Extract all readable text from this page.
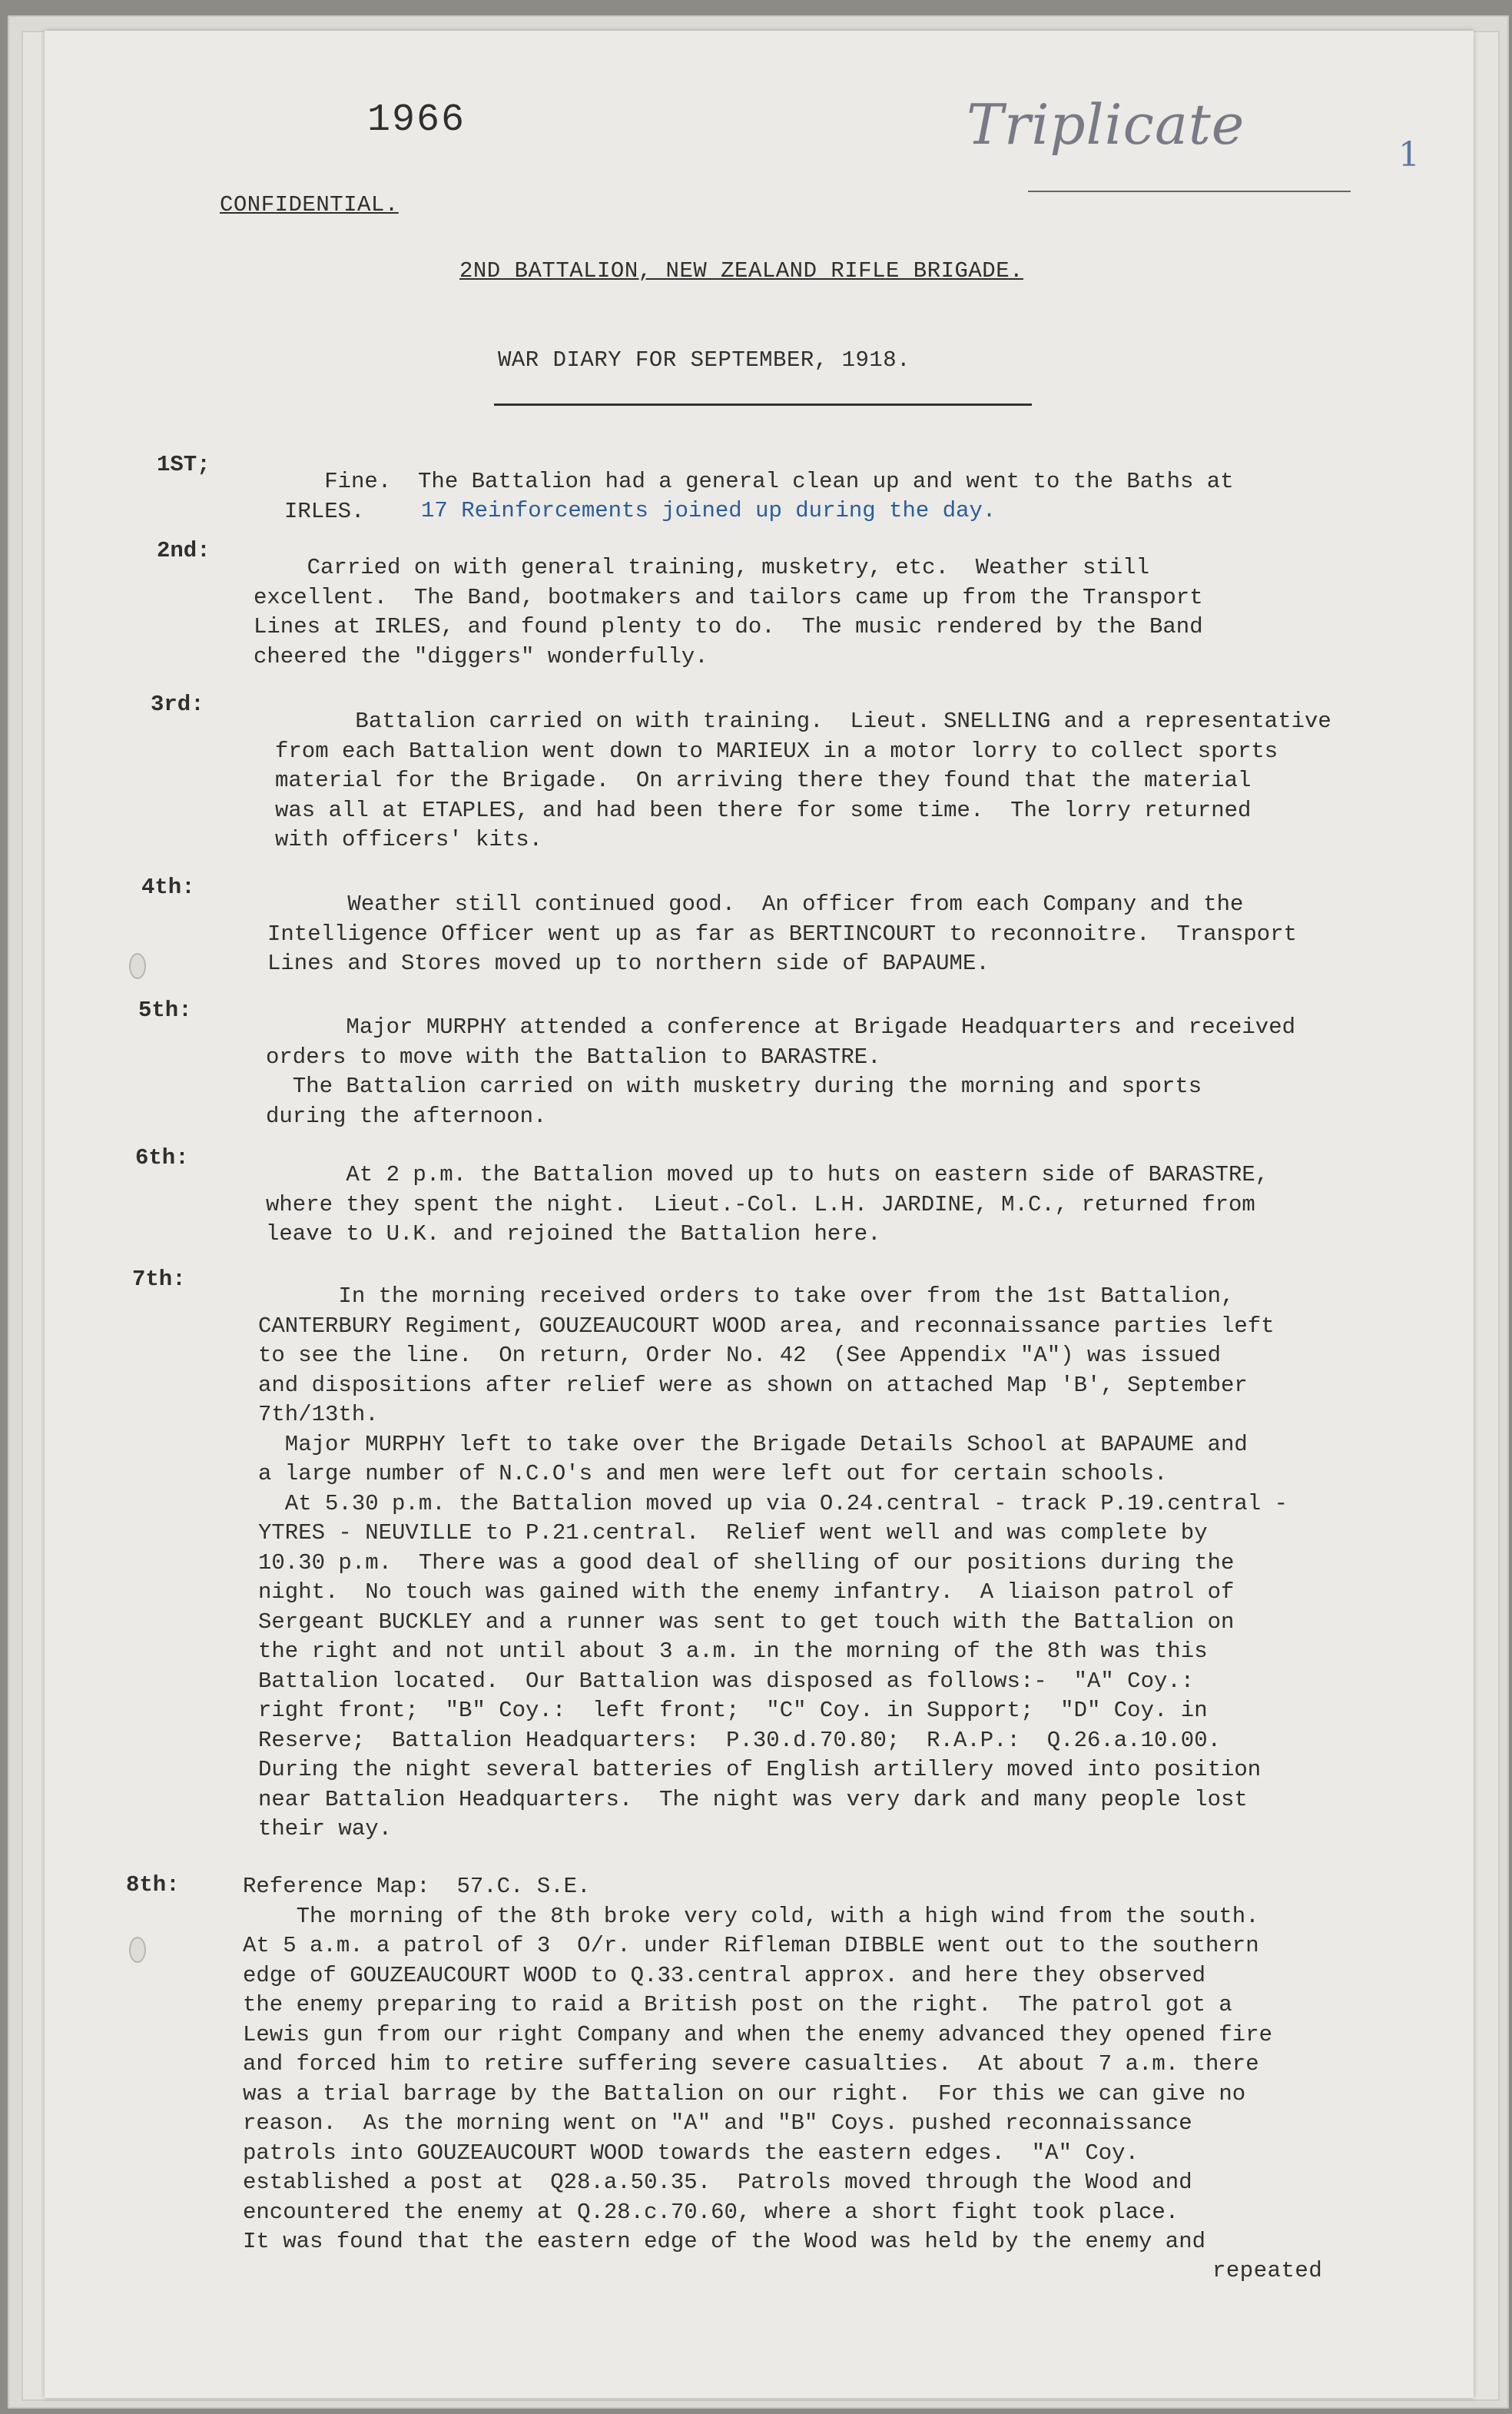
1966	Triplicate	1
CONFIDENTIAL.
2ND BATTALION, NEW ZEALAND RIFLE BRIGADE.
WAR DIARY FOR SEPTEMBER, 1918.
1ST;
Fine.  The Battalion had a general clean up and went to the Baths at
IRLES.	17 Reinforcements joined up during the day.
2nd:
Carried on with general training, musketry, etc.  Weather still
excellent.  The Band, bootmakers and tailors came up from the Transport
Lines at IRLES, and found plenty to do.  The music rendered by the Band
cheered the "diggers" wonderfully.
3rd:
Battalion carried on with training.  Lieut. SNELLING and a representative
from each Battalion went down to MARIEUX in a motor lorry to collect sports
material for the Brigade.  On arriving there they found that the material
was all at ETAPLES, and had been there for some time.  The lorry returned
with officers' kits.
4th:
Weather still continued good.  An officer from each Company and the
Intelligence Officer went up as far as BERTINCOURT to reconnoitre.  Transport
Lines and Stores moved up to northern side of BAPAUME.
5th:
Major MURPHY attended a conference at Brigade Headquarters and received
orders to move with the Battalion to BARASTRE.
The Battalion carried on with musketry during the morning and sports
during the afternoon.
6th:
At 2 p.m. the Battalion moved up to huts on eastern side of BARASTRE,
where they spent the night.  Lieut.-Col. L.H. JARDINE, M.C., returned from
leave to U.K. and rejoined the Battalion here.
7th:
In the morning received orders to take over from the 1st Battalion,
CANTERBURY Regiment, GOUZEAUCOURT WOOD area, and reconnaissance parties left
to see the line.  On return, Order No. 42  (See Appendix "A") was issued
and dispositions after relief were as shown on attached Map 'B', September
7th/13th.
Major MURPHY left to take over the Brigade Details School at BAPAUME and
a large number of N.C.O's and men were left out for certain schools.
At 5.30 p.m. the Battalion moved up via O.24.central - track P.19.central -
YTRES - NEUVILLE to P.21.central.  Relief went well and was complete by
10.30 p.m.  There was a good deal of shelling of our positions during the
night.  No touch was gained with the enemy infantry.  A liaison patrol of
Sergeant BUCKLEY and a runner was sent to get touch with the Battalion on
the right and not until about 3 a.m. in the morning of the 8th was this
Battalion located.  Our Battalion was disposed as follows:-  "A" Coy.:
right front;  "B" Coy.:  left front;  "C" Coy. in Support;  "D" Coy. in
Reserve;  Battalion Headquarters:  P.30.d.70.80;  R.A.P.:  Q.26.a.10.00.
During the night several batteries of English artillery moved into position
near Battalion Headquarters.  The night was very dark and many people lost
their way.
8th:	Reference Map:  57.C. S.E.
The morning of the 8th broke very cold, with a high wind from the south.
At 5 a.m. a patrol of 3  O/r. under Rifleman DIBBLE went out to the southern
edge of GOUZEAUCOURT WOOD to Q.33.central approx. and here they observed
the enemy preparing to raid a British post on the right.  The patrol got a
Lewis gun from our right Company and when the enemy advanced they opened fire
and forced him to retire suffering severe casualties.  At about 7 a.m. there
was a trial barrage by the Battalion on our right.  For this we can give no
reason.  As the morning went on "A" and "B" Coys. pushed reconnaissance
patrols into GOUZEAUCOURT WOOD towards the eastern edges.  "A" Coy.
established a post at  Q28.a.50.35.  Patrols moved through the Wood and
encountered the enemy at Q.28.c.70.60, where a short fight took place.
It was found that the eastern edge of the Wood was held by the enemy and
repeated
